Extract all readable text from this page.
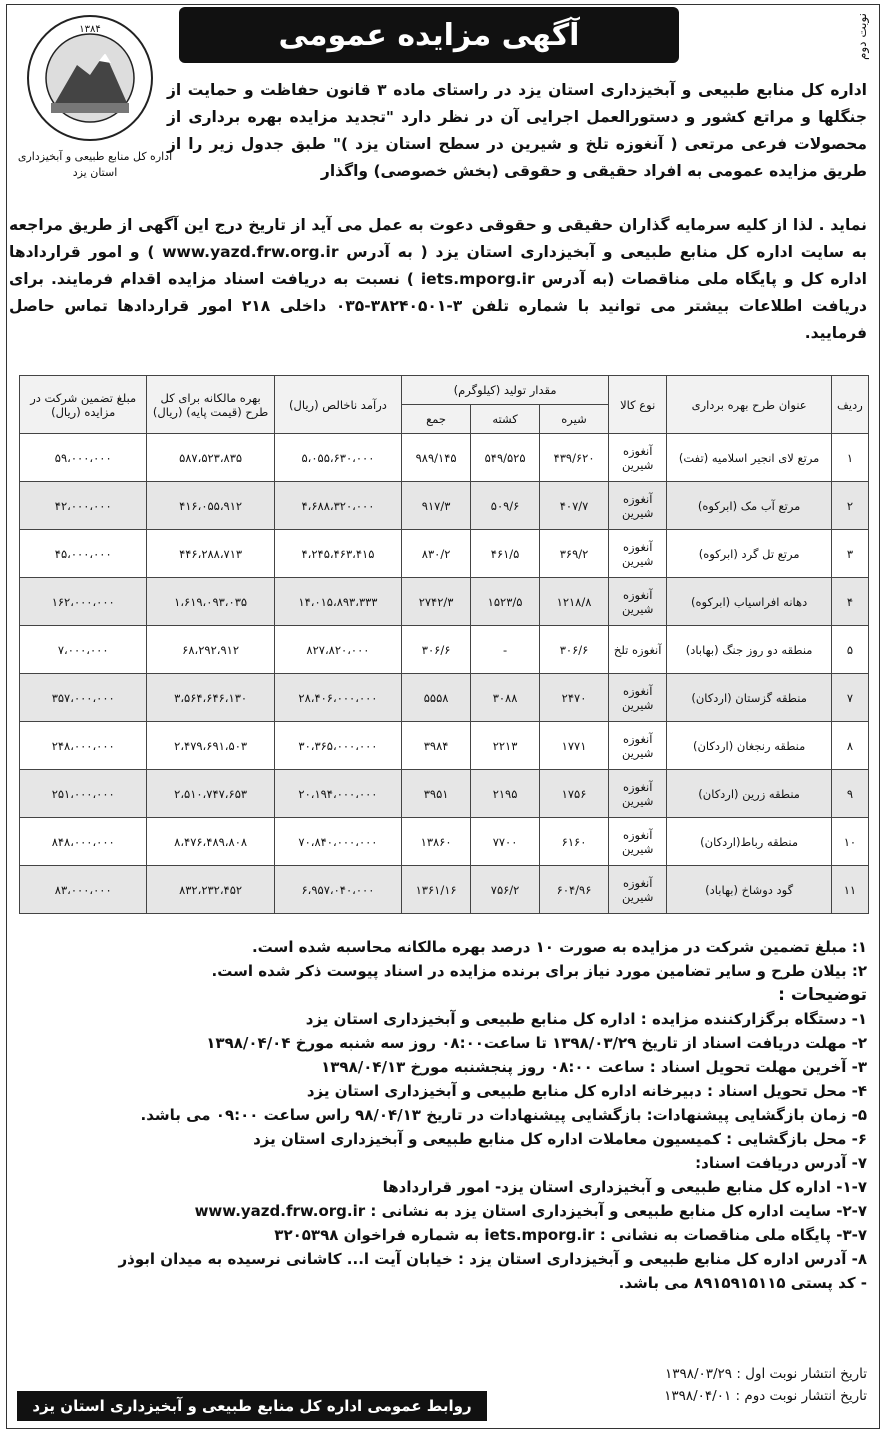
آگهی مزایده عمومی	نوبت دوم
۱۳۸۴
اداره کل منابع طبیعی و آبخیزداری
استان یزد
اداره کل منابع طبیعی و آبخیزداری استان یزد در راستای ماده ۳ قانون حفاظت و حمایت از جنگلها و مراتع کشور و دستورالعمل اجرایی آن در نظر دارد "تجدید مزایده بهره برداری از محصولات فرعی مرتعی ( آنغوزه تلخ و شیرین در سطح استان یزد )" طبق جدول زیر را از طریق مزایده عمومی به افراد حقیقی و حقوقی (بخش خصوصی) واگذار
نماید . لذا از کلیه سرمایه گذاران حقیقی و حقوقی دعوت به عمل می آید از تاریخ درج این آگهی از طریق مراجعه به سایت اداره کل منابع طبیعی و آبخیزداری استان یزد ( به آدرس www.yazd.frw.org.ir ) و امور قراردادها اداره کل و پایگاه ملی مناقصات (به آدرس iets.mporg.ir ) نسبت به دریافت اسناد مزایده اقدام فرمایند. برای دریافت اطلاعات بیشتر می توانید با شماره تلفن ۳-۳۸۲۴۰۵۰۱-۰۳۵ داخلی ۲۱۸ امور قراردادها تماس حاصل فرمایید.
ردیف	عنوان طرح بهره برداری	نوع کالا	مقدار تولید (کیلوگرم)			درآمد ناخالص (ریال)	بهره مالکانه برای کل طرح (قیمت پایه) (ریال)	مبلغ تضمین شرکت در مزایده (ریال)
			شیره	کشته	جمع			
۱	مرتع لای انجیر اسلامیه (تفت)	آنغوزه شیرین	۴۳۹/۶۲۰	۵۴۹/۵۲۵	۹۸۹/۱۴۵	۵،۰۵۵،۶۳۰،۰۰۰	۵۸۷،۵۲۳،۸۳۵	۵۹،۰۰۰،۰۰۰
۲	مرتع آب مک (ابرکوه)	آنغوزه شیرین	۴۰۷/۷	۵۰۹/۶	۹۱۷/۳	۴،۶۸۸،۳۲۰،۰۰۰	۴۱۶،۰۵۵،۹۱۲	۴۲،۰۰۰،۰۰۰
۳	مرتع تل گرد (ابرکوه)	آنغوزه شیرین	۳۶۹/۲	۴۶۱/۵	۸۳۰/۲	۴،۲۴۵،۴۶۳،۴۱۵	۴۴۶،۲۸۸،۷۱۳	۴۵،۰۰۰،۰۰۰
۴	دهانه افراسیاب (ابرکوه)	آنغوزه شیرین	۱۲۱۸/۸	۱۵۲۳/۵	۲۷۴۲/۳	۱۴،۰۱۵،۸۹۳،۳۳۳	۱،۶۱۹،۰۹۳،۰۳۵	۱۶۲،۰۰۰،۰۰۰
۵	منطقه دو روز جنگ (بهاباد)	آنغوزه تلخ	۳۰۶/۶	-	۳۰۶/۶	۸۲۷،۸۲۰،۰۰۰	۶۸،۲۹۲،۹۱۲	۷،۰۰۰،۰۰۰
۷	منطقه گزستان (اردکان)	آنغوزه شیرین	۲۴۷۰	۳۰۸۸	۵۵۵۸	۲۸،۴۰۶،۰۰۰،۰۰۰	۳،۵۶۴،۶۴۶،۱۳۰	۳۵۷،۰۰۰،۰۰۰
۸	منطقه رنجغان (اردکان)	آنغوزه شیرین	۱۷۷۱	۲۲۱۳	۳۹۸۴	۳۰،۳۶۵،۰۰۰،۰۰۰	۲،۴۷۹،۶۹۱،۵۰۳	۲۴۸،۰۰۰،۰۰۰
۹	منطقه زرین (اردکان)	آنغوزه شیرین	۱۷۵۶	۲۱۹۵	۳۹۵۱	۲۰،۱۹۴،۰۰۰،۰۰۰	۲،۵۱۰،۷۴۷،۶۵۳	۲۵۱،۰۰۰،۰۰۰
۱۰	منطقه رباط(اردکان)	آنغوزه شیرین	۶۱۶۰	۷۷۰۰	۱۳۸۶۰	۷۰،۸۴۰،۰۰۰،۰۰۰	۸،۴۷۶،۴۸۹،۸۰۸	۸۴۸،۰۰۰،۰۰۰
۱۱	گود دوشاخ (بهاباد)	آنغوزه شیرین	۶۰۴/۹۶	۷۵۶/۲	۱۳۶۱/۱۶	۶،۹۵۷،۰۴۰،۰۰۰	۸۳۲،۲۳۲،۴۵۲	۸۳،۰۰۰،۰۰۰
۱: مبلغ تضمین شرکت در مزایده به صورت ۱۰ درصد بهره مالکانه محاسبه شده است.
۲: بیلان طرح و سایر تضامین مورد نیاز برای برنده مزایده در اسناد پیوست ذکر شده است.
توضیحات :
۱- دستگاه برگزارکننده مزایده : اداره کل منابع طبیعی و آبخیزداری استان یزد
۲- مهلت دریافت اسناد از تاریخ ۱۳۹۸/۰۳/۲۹ تا ساعت۰۸:۰۰ روز سه شنبه مورخ ۱۳۹۸/۰۴/۰۴
۳- آخرین مهلت تحویل اسناد : ساعت ۰۸:۰۰ روز پنجشنبه مورخ ۱۳۹۸/۰۴/۱۳
۴- محل تحویل اسناد : دبیرخانه اداره کل منابع طبیعی و آبخیزداری استان یزد
۵- زمان بازگشایی پیشنهادات: بازگشایی پیشنهادات در تاریخ ۹۸/۰۴/۱۳ راس ساعت ۰۹:۰۰ می باشد.
۶- محل بازگشایی : کمیسیون معاملات اداره کل منابع طبیعی و آبخیزداری استان یزد
۷- آدرس دریافت اسناد:
۱-۷- اداره کل منابع طبیعی و آبخیزداری استان یزد- امور قراردادها
۲-۷- سایت اداره کل منابع طبیعی و آبخیزداری استان یزد به نشانی : www.yazd.frw.org.ir
۳-۷- پایگاه ملی مناقصات به نشانی : iets.mporg.ir به شماره فراخوان ۳۲۰۵۳۹۸
۸- آدرس اداره کل منابع طبیعی و آبخیزداری استان یزد : خیابان آیت ا... کاشانی نرسیده به میدان ابوذر
- کد پستی ۸۹۱۵۹۱۵۱۱۵ می باشد.
تاریخ انتشار نوبت اول : ۱۳۹۸/۰۳/۲۹
تاریخ انتشار نوبت دوم : ۱۳۹۸/۰۴/۰۱
روابط عمومی اداره کل منابع طبیعی و آبخیزداری استان یزد
